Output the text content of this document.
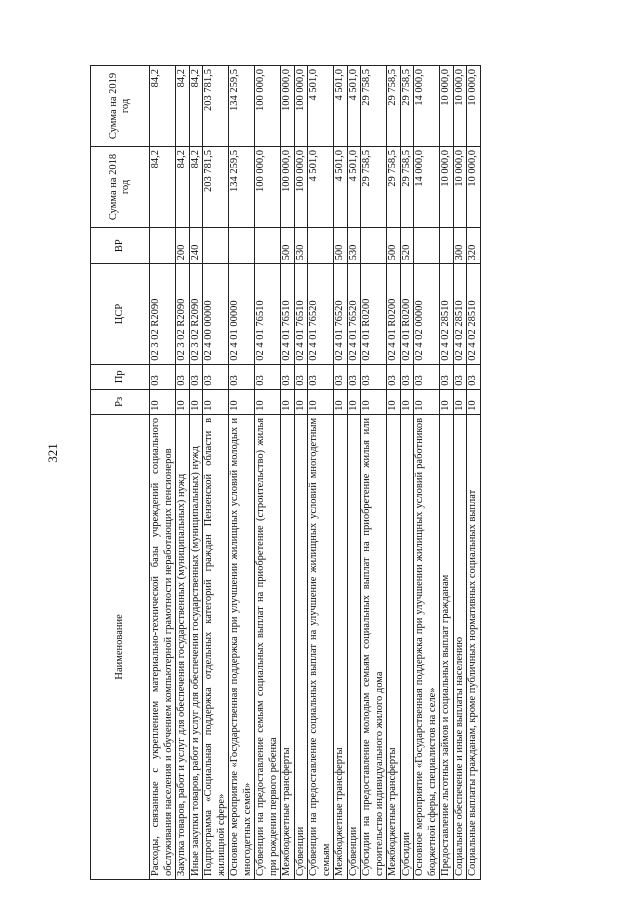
321
Наименование	Рз	Пр	ЦСР	ВР	Сумма на 2018 год	Сумма на 2019 год
Расходы, связанные с укреплением материально-технической базы учреждений социального обслуживания населения и обучением компьютерной грамотности неработающих пенсионеров	10	03	02 3 02 R2090		84,2	84,2
Закупка товаров, работ и услуг для обеспечения государственных (муниципальных) нужд	10	03	02 3 02 R2090	200	84,2	84,2
Иные закупки товаров, работ и услуг для обеспечения государственных (муниципальных) нужд	10	03	02 3 02 R2090	240	84,2	84,2
Подпрограмма «Социальная поддержка отдельных категорий граждан Пензенской области в жилищной сфере»	10	03	02 4 00 00000		203 781,5	203 781,5
Основное мероприятие «Государственная поддержка при улучшении жилищных условий молодых и многодетных семей»	10	03	02 4 01 00000		134 259,5	134 259,5
Субвенции на предоставление семьям социальных выплат на приобретение (строительство) жилья при рождении первого ребенка	10	03	02 4 01 76510		100 000,0	100 000,0
Межбюджетные трансферты	10	03	02 4 01 76510	500	100 000,0	100 000,0
Субвенции	10	03	02 4 01 76510	530	100 000,0	100 000,0
Субвенции на предоставление социальных выплат на улучшение жилищных условий многодетным семьям	10	03	02 4 01 76520		4 501,0	4 501,0
Межбюджетные трансферты	10	03	02 4 01 76520	500	4 501,0	4 501,0
Субвенции	10	03	02 4 01 76520	530	4 501,0	4 501,0
Субсидии на предоставление молодым семьям социальных выплат на приобретение жилья или строительство индивидуального жилого дома	10	03	02 4 01 R0200		29 758,5	29 758,5
Межбюджетные трансферты	10	03	02 4 01 R0200	500	29 758,5	29 758,5
Субсидии	10	03	02 4 01 R0200	520	29 758,5	29 758,5
Основное мероприятие «Государственная поддержка при улучшении жилищных условий работников бюджетной сферы, специалистов на селе»	10	03	02 4 02 00000		14 000,0	14 000,0
Предоставление льготных займов и социальных выплат гражданам	10	03	02 4 02 28510		10 000,0	10 000,0
Социальное обеспечение и иные выплаты населению	10	03	02 4 02 28510	300	10 000,0	10 000,0
Социальные выплаты гражданам, кроме публичных нормативных социальных выплат	10	03	02 4 02 28510	320	10 000,0	10 000,0
